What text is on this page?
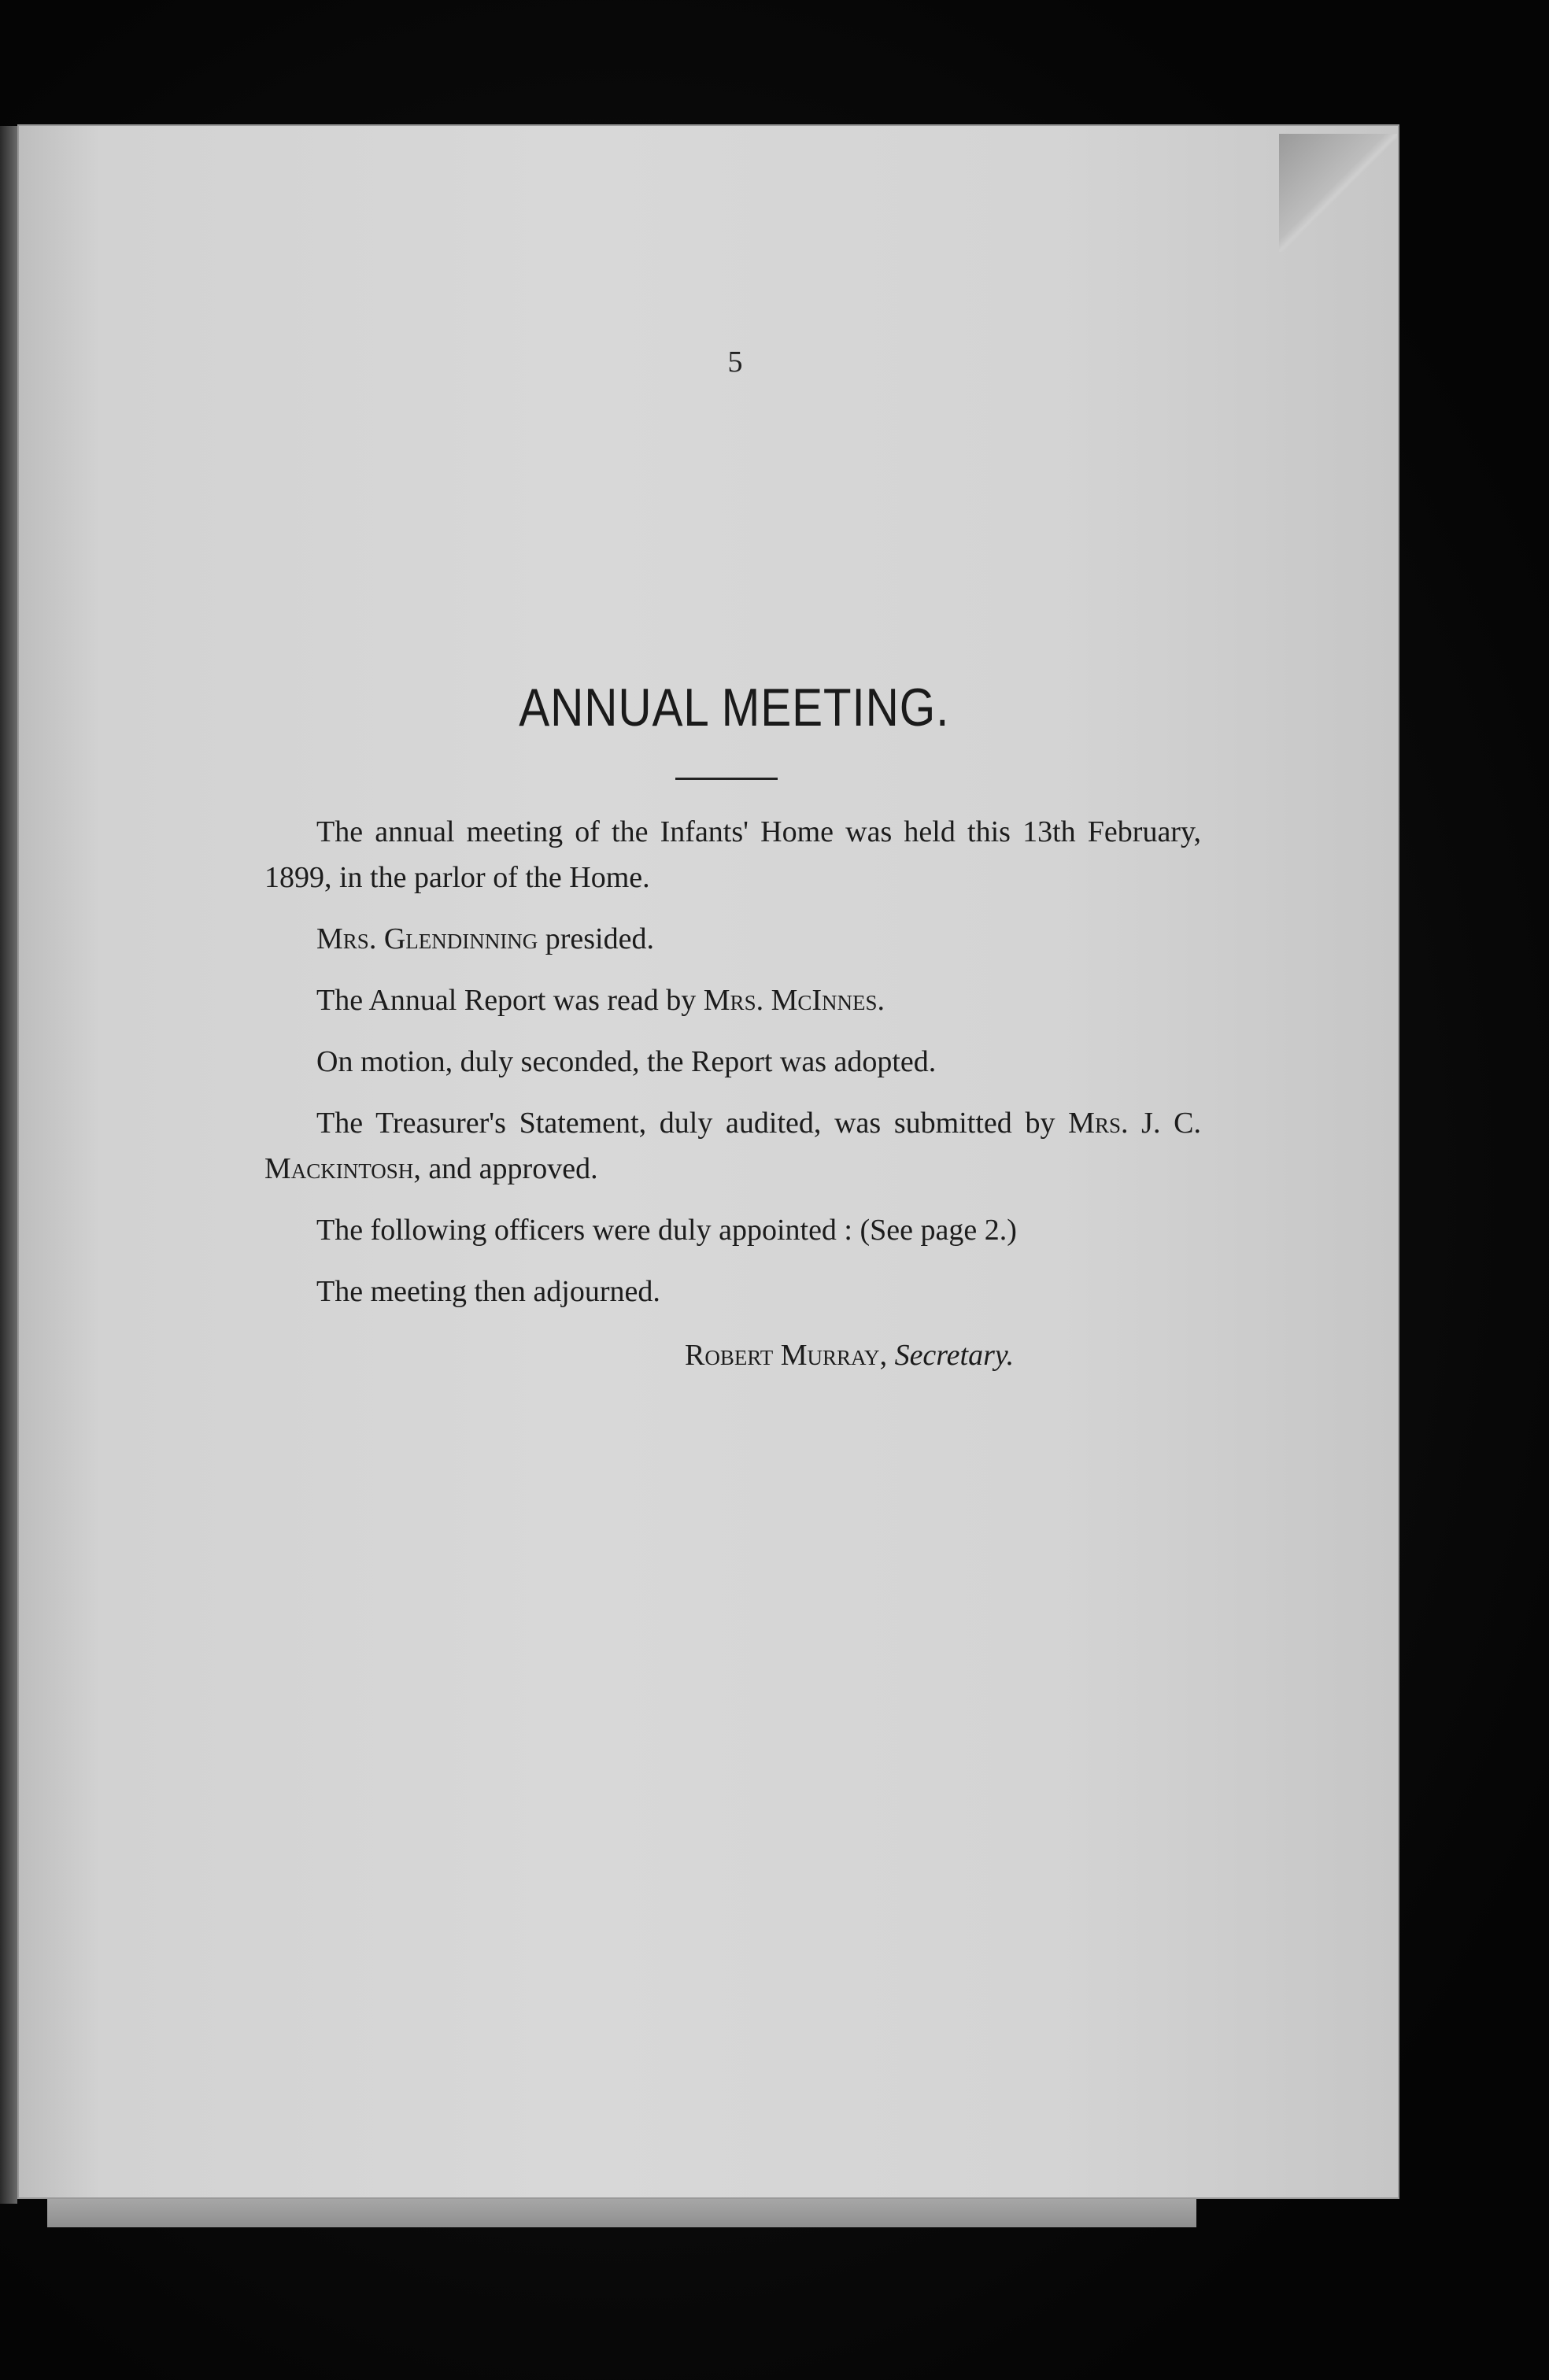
5
ANNUAL MEETING.

The annual meeting of the Infants' Home was held this 13th February, 1899, in the parlor of the Home.

Mrs. Glendinning presided.

The Annual Report was read by Mrs. McInnes.

On motion, duly seconded, the Report was adopted.

The Treasurer's Statement, duly audited, was submitted by Mrs. J. C. Mackintosh, and approved.

The following officers were duly appointed : (See page 2.)

The meeting then adjourned.

Robert Murray, Secretary.
